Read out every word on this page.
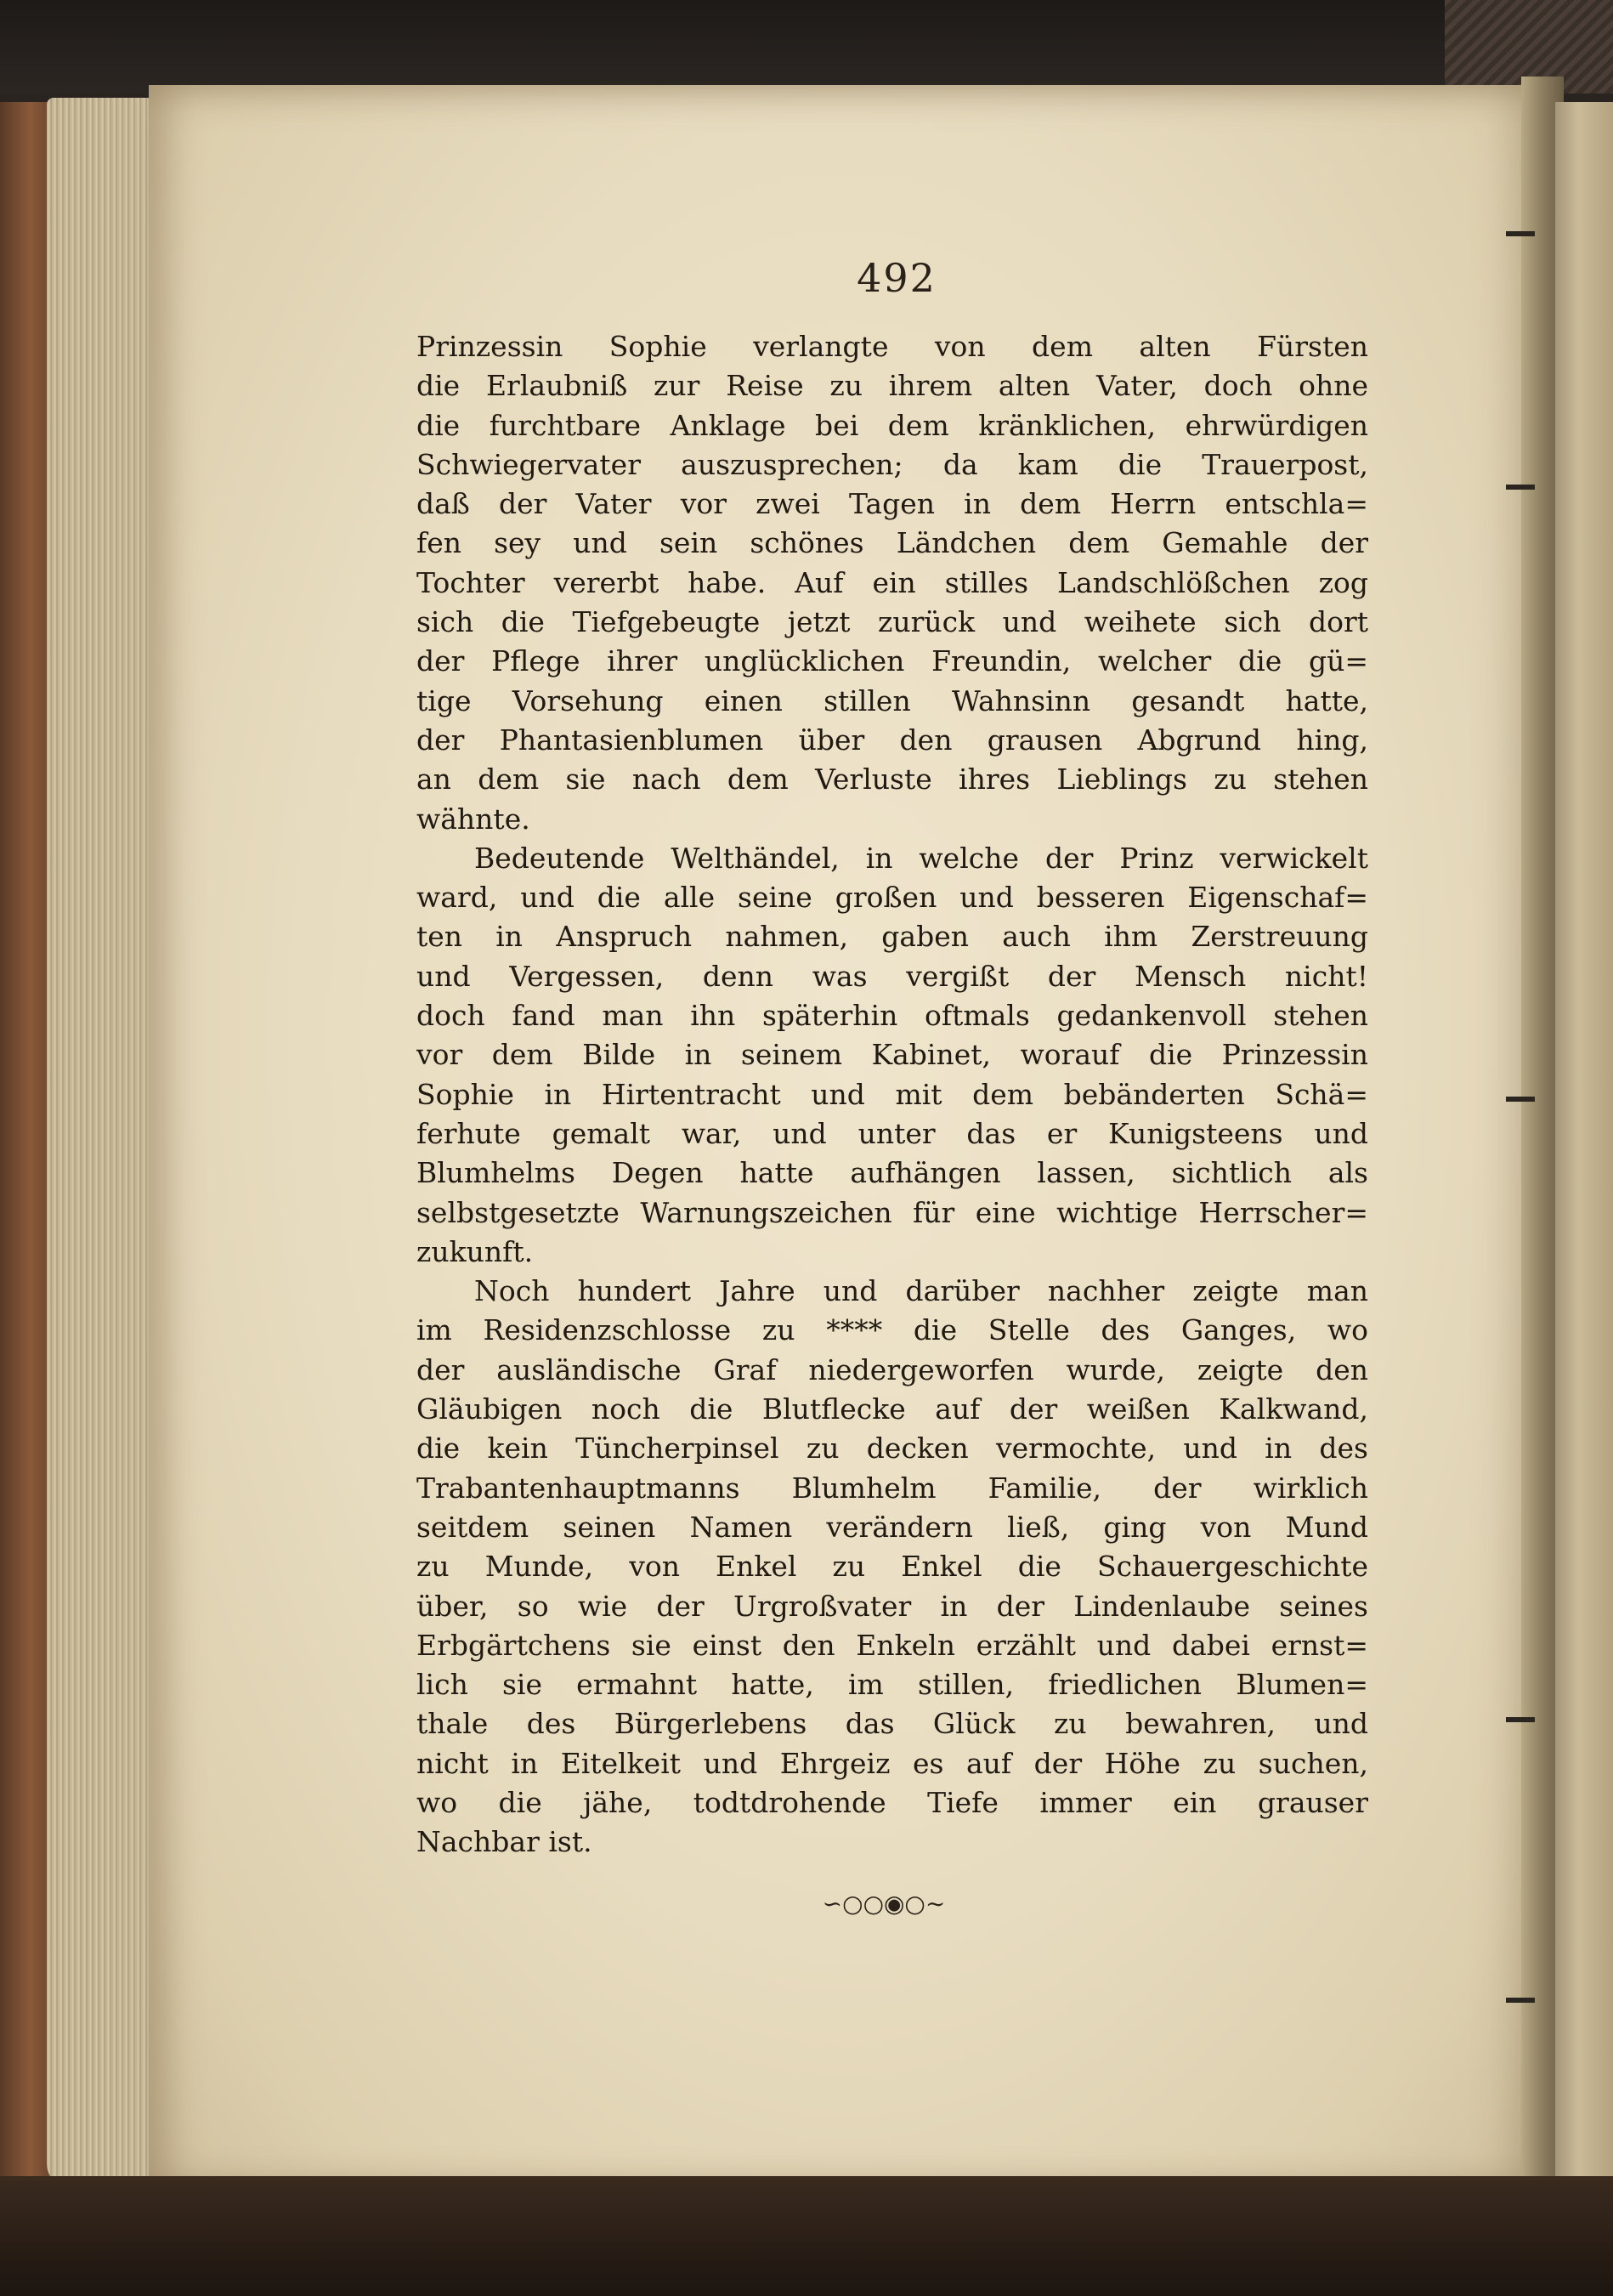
492
Prinzessin Sophie verlangte von dem alten Fürsten
die Erlaubniß zur Reise zu ihrem alten Vater, doch ohne
die furchtbare Anklage bei dem kränklichen, ehrwürdigen
Schwiegervater auszusprechen; da kam die Trauerpost,
daß der Vater vor zwei Tagen in dem Herrn entschla=
fen sey und sein schönes Ländchen dem Gemahle der
Tochter vererbt habe. Auf ein stilles Landschlößchen zog
sich die Tiefgebeugte jetzt zurück und weihete sich dort
der Pflege ihrer unglücklichen Freundin, welcher die gü=
tige Vorsehung einen stillen Wahnsinn gesandt hatte,
der Phantasienblumen über den grausen Abgrund hing,
an dem sie nach dem Verluste ihres Lieblings zu stehen
wähnte.
Bedeutende Welthändel, in welche der Prinz verwickelt
ward, und die alle seine großen und besseren Eigenschaf=
ten in Anspruch nahmen, gaben auch ihm Zerstreuung
und Vergessen, denn was vergißt der Mensch nicht!
doch fand man ihn späterhin oftmals gedankenvoll stehen
vor dem Bilde in seinem Kabinet, worauf die Prinzessin
Sophie in Hirtentracht und mit dem bebänderten Schä=
ferhute gemalt war, und unter das er Kunigsteens und
Blumhelms Degen hatte aufhängen lassen, sichtlich als
selbstgesetzte Warnungszeichen für eine wichtige Herrscher=
zukunft.
Noch hundert Jahre und darüber nachher zeigte man
im Residenzschlosse zu **** die Stelle des Ganges, wo
der ausländische Graf niedergeworfen wurde, zeigte den
Gläubigen noch die Blutflecke auf der weißen Kalkwand,
die kein Tüncherpinsel zu decken vermochte, und in des
Trabantenhauptmanns Blumhelm Familie, der wirklich
seitdem seinen Namen verändern ließ, ging von Mund
zu Munde, von Enkel zu Enkel die Schauergeschichte
über, so wie der Urgroßvater in der Lindenlaube seines
Erbgärtchens sie einst den Enkeln erzählt und dabei ernst=
lich sie ermahnt hatte, im stillen, friedlichen Blumen=
thale des Bürgerlebens das Glück zu bewahren, und
nicht in Eitelkeit und Ehrgeiz es auf der Höhe zu suchen,
wo die jähe, todtdrohende Tiefe immer ein grauser
Nachbar ist.
∽○○◉○∼
